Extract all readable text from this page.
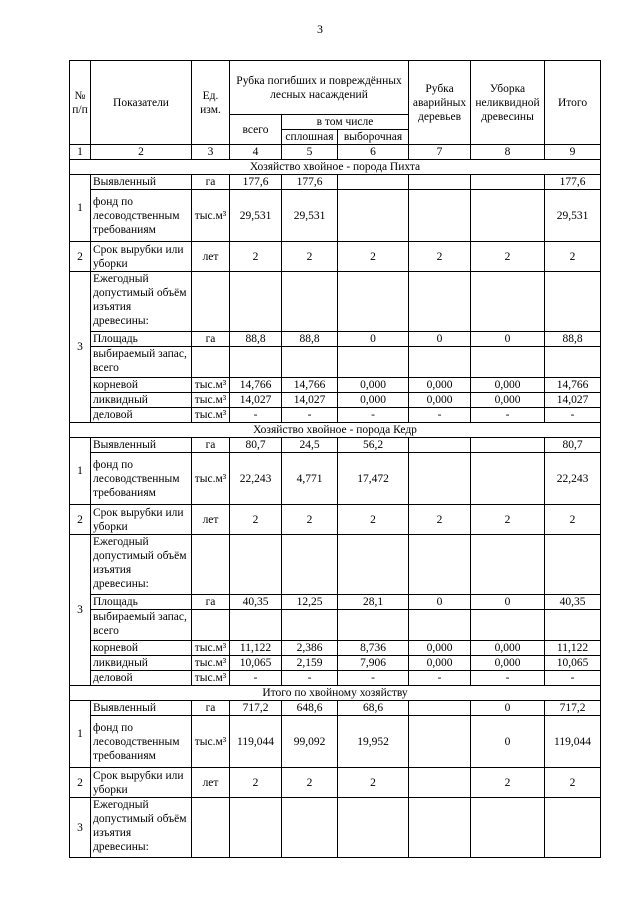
3
№ п/п	Показатели	Ед. изм.	Рубка погибших и повреждённых лесных насаждений			Рубка аварийных деревьев	Уборка неликвидной древесины	Итого
			всего	в том числе				
				сплошная	выборочная			
1	2	3	4	5	6	7	8	9
Хозяйство хвойное - порода Пихта								
1	Выявленный	га	177,6	177,6				177,6
	фонд по лесоводственным требованиям	тыс.м³	29,531	29,531				29,531
2	Срок вырубки или уборки	лет	2	2	2	2	2	2
3	Ежегодный допустимый объём изъятия древесины:							
	Площадь	га	88,8	88,8	0	0	0	88,8
	выбираемый запас, всего							
	корневой	тыс.м³	14,766	14,766	0,000	0,000	0,000	14,766
	ликвидный	тыс.м³	14,027	14,027	0,000	0,000	0,000	14,027
	деловой	тыс.м³	-	-	-	-	-	-
Хозяйство хвойное - порода Кедр								
1	Выявленный	га	80,7	24,5	56,2			80,7
	фонд по лесоводственным требованиям	тыс.м³	22,243	4,771	17,472			22,243
2	Срок вырубки или уборки	лет	2	2	2	2	2	2
3	Ежегодный допустимый объём изъятия древесины:							
	Площадь	га	40,35	12,25	28,1	0	0	40,35
	выбираемый запас, всего							
	корневой	тыс.м³	11,122	2,386	8,736	0,000	0,000	11,122
	ликвидный	тыс.м³	10,065	2,159	7,906	0,000	0,000	10,065
	деловой	тыс.м³	-	-	-	-	-	-
Итого по хвойному хозяйству								
1	Выявленный	га	717,2	648,6	68,6		0	717,2
	фонд по лесоводственным требованиям	тыс.м³	119,044	99,092	19,952		0	119,044
2	Срок вырубки или уборки	лет	2	2	2		2	2
3	Ежегодный допустимый объём изъятия древесины:							
